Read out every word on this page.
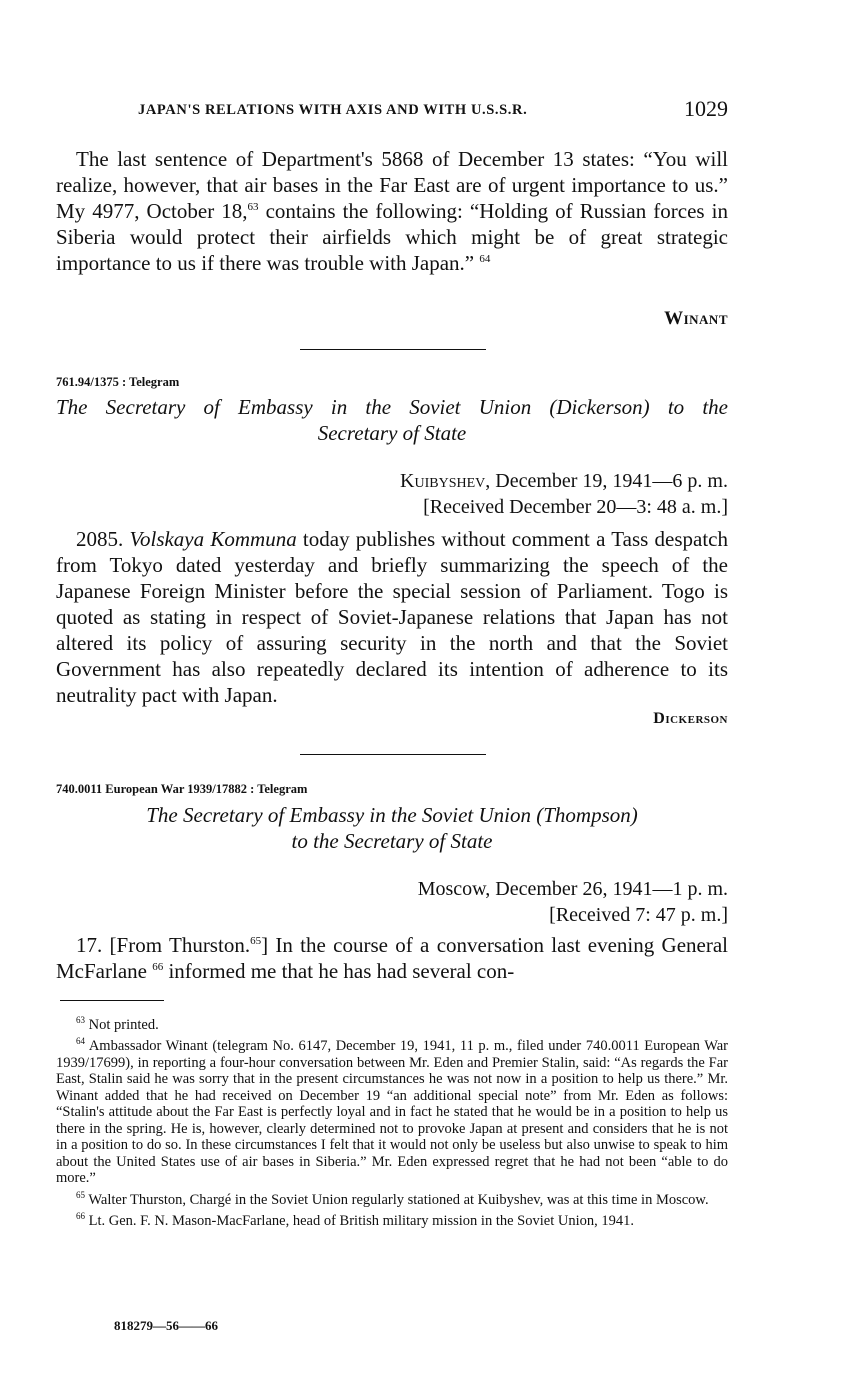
JAPAN'S RELATIONS WITH AXIS AND WITH U.S.S.R.	1029

The last sentence of Department's 5868 of December 13 states: “You will realize, however, that air bases in the Far East are of urgent importance to us.” My 4977, October 18,63 contains the following: “Holding of Russian forces in Siberia would protect their airfields which might be of great strategic importance to us if there was trouble with Japan.” $^{64}$

Winant
761.94/1375 : Telegram
The Secretary of Embassy in the Soviet Union (Dickerson) to the
Secretary of State
Kuibyshev, December 19, 1941—6 p. m.
[Received December 20—3: 48 a. m.]

2085. Volskaya Kommuna today publishes without comment a Tass despatch from Tokyo dated yesterday and briefly summarizing the speech of the Japanese Foreign Minister before the special session of Parliament. Togo is quoted as stating in respect of Soviet-Japanese relations that Japan has not altered its policy of assuring security in the north and that the Soviet Government has also repeatedly declared its intention of adherence to its neutrality pact with Japan.

Dickerson
740.0011 European War 1939/17882 : Telegram
The Secretary of Embassy in the Soviet Union (Thompson)
to the Secretary of State
Moscow, December 26, 1941—1 p. m.
[Received 7: 47 p. m.]

17. [From Thurston.$^{65}$] In the course of a conversation last evening General McFarlane $^{66}$ informed me that he has had several con-

$^{63}$ Not printed.

$^{64}$ Ambassador Winant (telegram No. 6147, December 19, 1941, 11 p. m., filed under 740.0011 European War 1939/17699), in reporting a four-hour conversation between Mr. Eden and Premier Stalin, said: “As regards the Far East, Stalin said he was sorry that in the present circumstances he was not now in a position to help us there.” Mr. Winant added that he had received on December 19 “an additional special note” from Mr. Eden as follows: “Stalin's attitude about the Far East is perfectly loyal and in fact he stated that he would be in a position to help us there in the spring. He is, however, clearly determined not to provoke Japan at present and considers that he is not in a position to do so. In these circumstances I felt that it would not only be useless but also unwise to speak to him about the United States use of air bases in Siberia.” Mr. Eden expressed regret that he had not been “able to do more.”

$^{65}$ Walter Thurston, Chargé in the Soviet Union regularly stationed at Kuibyshev, was at this time in Moscow.

$^{66}$ Lt. Gen. F. N. Mason-MacFarlane, head of British military mission in the Soviet Union, 1941.

818279—56——66
